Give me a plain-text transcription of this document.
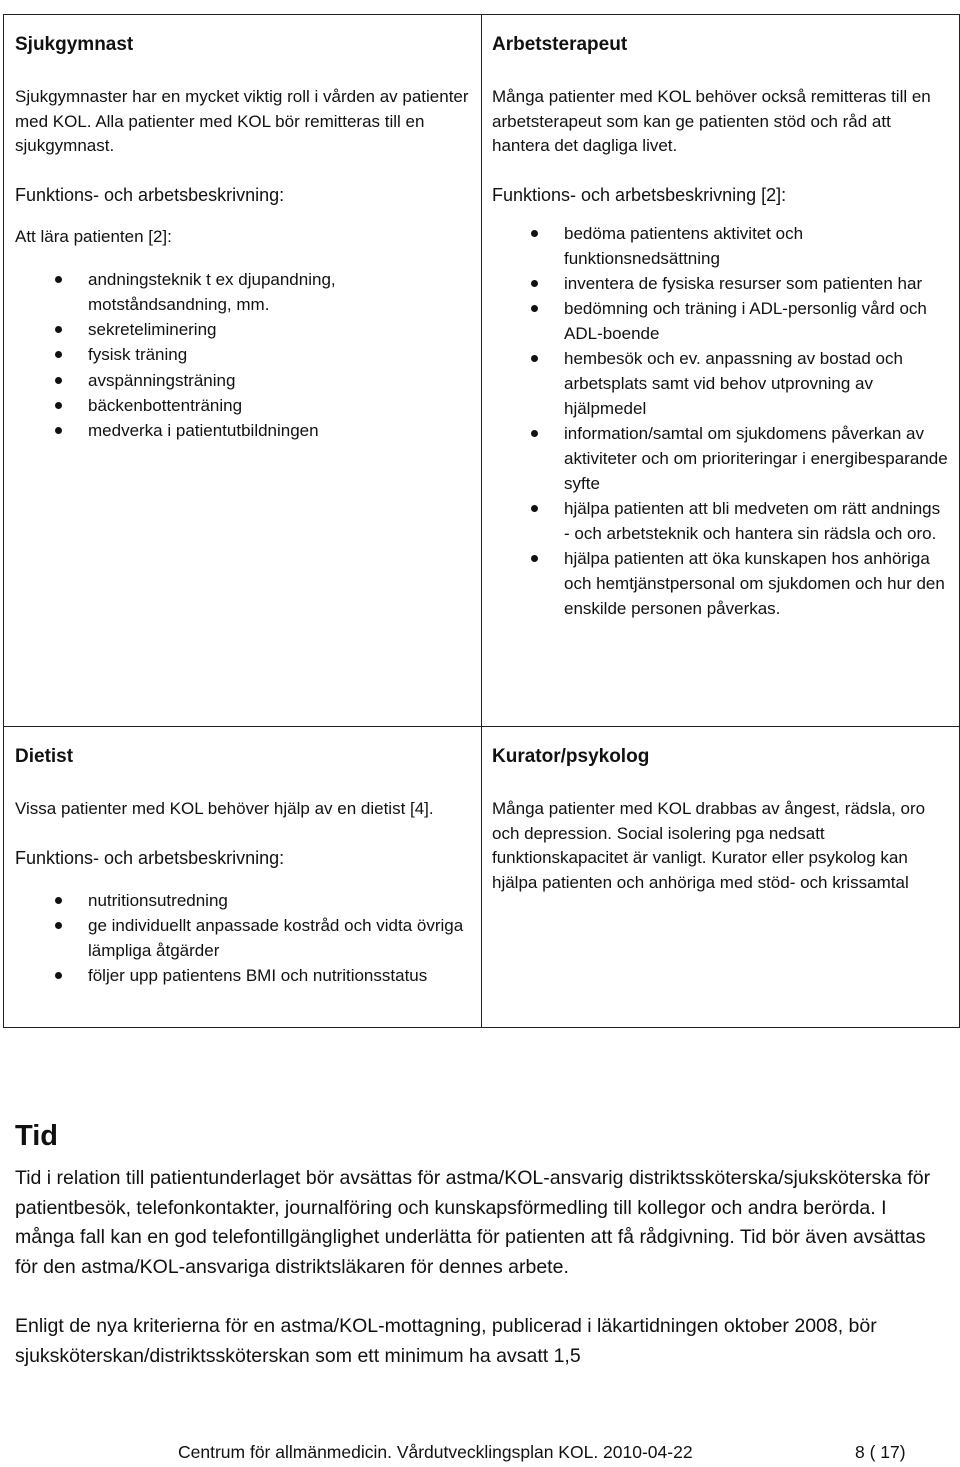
Sjukgymnast

Sjukgymnaster har en mycket viktig roll i vården av patienter med KOL. Alla patienter med KOL bör remitteras till en sjukgymnast.

Funktions- och arbetsbeskrivning:

Att lära patienten [2]:

andningsteknik t ex djupandning, motståndsandning, mm.
sekreteliminering
fysisk träning
avspänningsträning
bäckenbottenträning
medverka i patientutbildningen
Arbetsterapeut

Många patienter med KOL behöver också remitteras till en arbetsterapeut som kan ge patienten stöd och råd att hantera det dagliga livet.

Funktions- och arbetsbeskrivning [2]:

bedöma patientens aktivitet och funktionsnedsättning
inventera de fysiska resurser som patienten har
bedömning och träning i ADL-personlig vård och ADL-boende
hembesök och ev. anpassning av bostad och arbetsplats samt vid behov utprovning av hjälpmedel
information/samtal om sjukdomens påverkan av aktiviteter och om prioriteringar i energibesparande syfte
hjälpa patienten att bli medveten om rätt andnings - och arbetsteknik och hantera sin rädsla och oro.
hjälpa patienten att öka kunskapen hos anhöriga och hemtjänstpersonal om sjukdomen och hur den enskilde personen påverkas.
Dietist

Vissa patienter med KOL behöver hjälp av en dietist [4].

Funktions- och arbetsbeskrivning:

nutritionsutredning
ge individuellt anpassade kostråd och vidta övriga lämpliga åtgärder
följer upp patientens BMI och nutritionsstatus
Kurator/psykolog

Många patienter med KOL drabbas av ångest, rädsla, oro och depression. Social isolering pga nedsatt funktionskapacitet är vanligt. Kurator eller psykolog kan hjälpa patienten och anhöriga med stöd- och krissamtal

Tid

Tid i relation till patientunderlaget bör avsättas för astma/KOL-ansvarig distriktssköterska/sjuksköterska för patientbesök, telefonkontakter, journalföring och kunskapsförmedling till kollegor och andra berörda. I många fall kan en god telefontillgänglighet underlätta för patienten att få rådgivning. Tid bör även avsättas för den astma/KOL-ansvariga distriktsläkaren för dennes arbete.

Enligt de nya kriterierna för en astma/KOL-mottagning, publicerad i läkartidningen oktober 2008, bör sjuksköterskan/distriktssköterskan som ett minimum ha avsatt 1,5

Centrum för allmänmedicin. Vårdutvecklingsplan KOL. 2010-04-22	8 ( 17)
